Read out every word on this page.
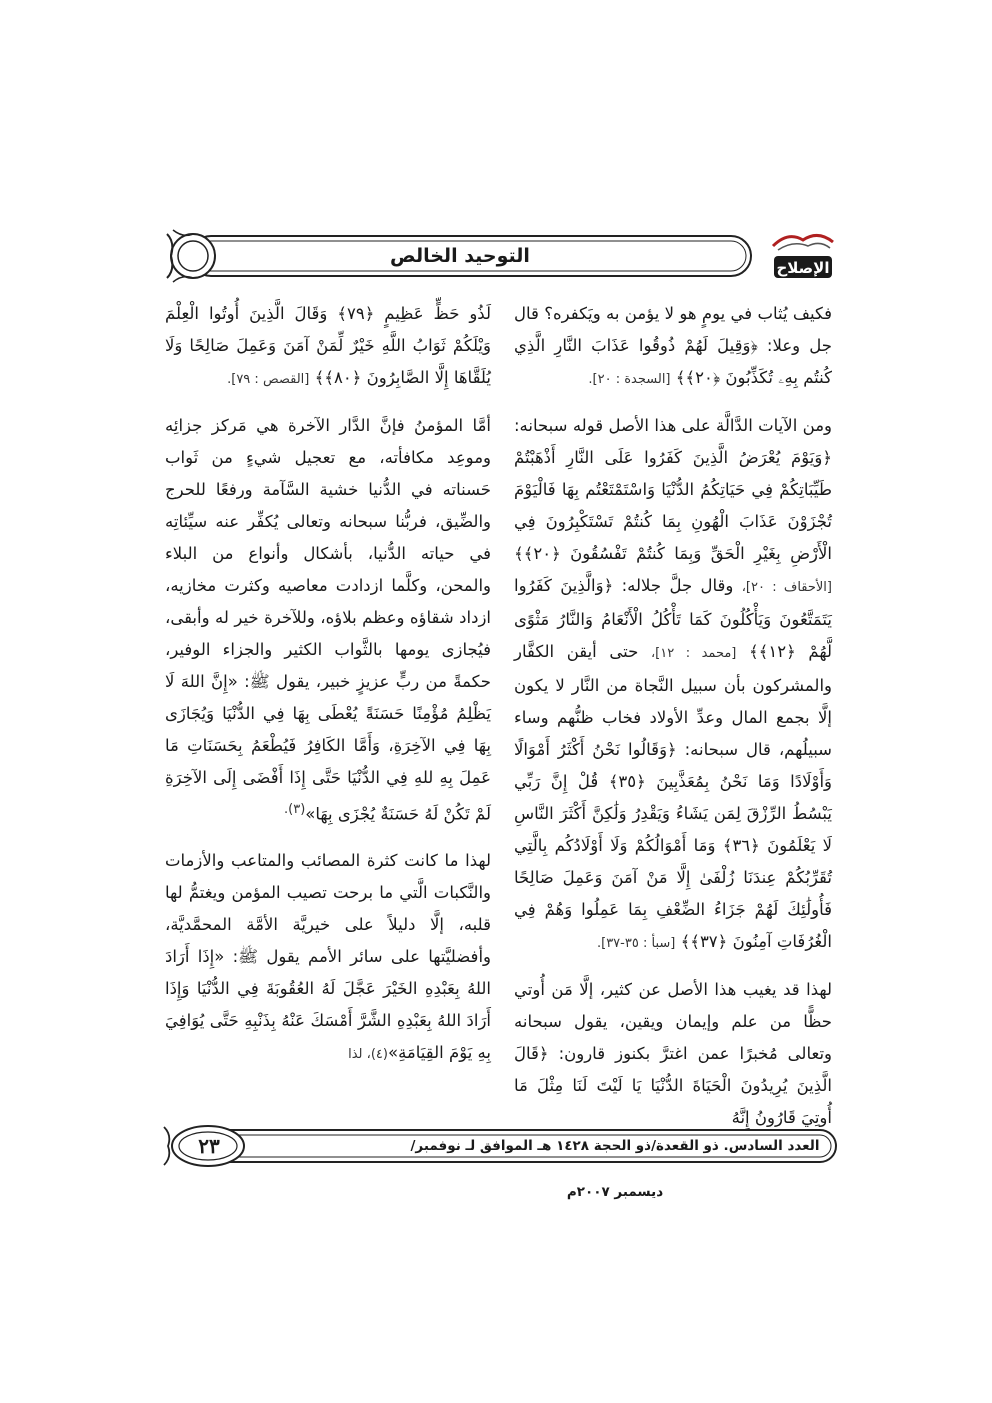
الإصلاح
التوحيد الخالص

فكيف يُثاب في يومٍ هو لا يؤمن به ويَكفره؟ قال جل وعلا: ﴿وَقِيلَ لَهُمْ ذُوقُوا عَذَابَ النَّارِ الَّذِي كُنتُم بِهِۦ تُكَذِّبُونَ ﴿٢٠﴾﴾ [السجدة : ٢٠].

ومن الآيات الدَّالَّة على هذا الأصل قوله سبحانه: ﴿وَيَوْمَ يُعْرَضُ الَّذِينَ كَفَرُوا عَلَى النَّارِ أَذْهَبْتُمْ طَيِّبَاتِكُمْ فِي حَيَاتِكُمُ الدُّنْيَا وَاسْتَمْتَعْتُم بِهَا فَالْيَوْمَ تُجْزَوْنَ عَذَابَ الْهُونِ بِمَا كُنتُمْ تَسْتَكْبِرُونَ فِي الْأَرْضِ بِغَيْرِ الْحَقِّ وَبِمَا كُنتُمْ تَفْسُقُونَ ﴿٢٠﴾﴾ [الأحقاف : ٢٠]، وقال جلَّ جلاله: ﴿وَالَّذِينَ كَفَرُوا يَتَمَتَّعُونَ وَيَأْكُلُونَ كَمَا تَأْكُلُ الْأَنْعَامُ وَالنَّارُ مَثْوًى لَّهُمْ ﴿١٢﴾﴾ [محمد : ١٢]، حتى أيقن الكفَّار والمشركون بأن سبيل النَّجاة من النَّار لا يكون إلَّا بجمع المال وعدِّ الأولاد فخاب ظنُّهم وساء سبيلُهم، قال سبحانه: ﴿وَقَالُوا نَحْنُ أَكْثَرُ أَمْوَالًا وَأَوْلَادًا وَمَا نَحْنُ بِمُعَذَّبِينَ ﴿٣٥﴾ قُلْ إِنَّ رَبِّي يَبْسُطُ الرِّزْقَ لِمَن يَشَاءُ وَيَقْدِرُ وَلَٰكِنَّ أَكْثَرَ النَّاسِ لَا يَعْلَمُونَ ﴿٣٦﴾ وَمَا أَمْوَالُكُمْ وَلَا أَوْلَادُكُم بِالَّتِي تُقَرِّبُكُمْ عِندَنَا زُلْفَىٰ إِلَّا مَنْ آمَنَ وَعَمِلَ صَالِحًا فَأُولَٰئِكَ لَهُمْ جَزَاءُ الضِّعْفِ بِمَا عَمِلُوا وَهُمْ فِي الْغُرُفَاتِ آمِنُونَ ﴿٣٧﴾﴾ [سبأ : ٣٥-٣٧].

لهذا قد يغيب هذا الأصل عن كثير، إلَّا مَن أُوتي حظًّا من علم وإيمان ويقين، يقول سبحانه وتعالى مُخبرًا عمن اغترَّ بكنوز قارون: ﴿قَالَ الَّذِينَ يُرِيدُونَ الْحَيَاةَ الدُّنْيَا يَا لَيْتَ لَنَا مِثْلَ مَا أُوتِيَ قَارُونُ إِنَّهُ

لَذُو حَظٍّ عَظِيمٍ ﴿٧٩﴾ وَقَالَ الَّذِينَ أُوتُوا الْعِلْمَ وَيْلَكُمْ ثَوَابُ اللَّهِ خَيْرٌ لِّمَنْ آمَنَ وَعَمِلَ صَالِحًا وَلَا يُلَقَّاهَا إِلَّا الصَّابِرُونَ ﴿٨٠﴾﴾ [القصص : ٧٩].

أمَّا المؤمنُ فإنَّ الدَّار الآخرة هي مَركز جزائِه وموعِد مكافأته، مع تعجيل شيءٍ من ثَواب حَسناته في الدُّنيا خشية السَّآمة ورفعًا للحرج والضِّيق، فربُّنا سبحانه وتعالى يُكفِّر عنه سيِّئاتِه في حياته الدُّنيا، بأشكال وأنواع من البلاء والمحن، وكلَّما ازدادت معاصيه وكثرت مخازيه، ازداد شقاؤه وعظم بلاؤه، وللآخرة خير له وأبقى، فيُجازى يومها بالثَّواب الكثير والجزاء الوفير، حكمةً من ربٍّ عزيزٍ خبير، يقول ﷺ: «إِنَّ اللهَ لَا يَظْلِمُ مُؤْمِنًا حَسَنَةً يُعْطَى بِهَا فِي الدُّنْيَا وَيُجَازَى بِهَا فِي الآخِرَةِ، وَأَمَّا الكَافِرُ فَيُطْعَمُ بِحَسَنَاتِ مَا عَمِلَ بِهِ للهِ فِي الدُّنْيَا حَتَّى إِذَا أَفْضَى إِلَى الآخِرَةِ لَمْ تَكُنْ لَهُ حَسَنَةٌ يُجْزَى بِهَا»$^{(٣).}$

لهذا ما كانت كثرة المصائب والمتاعب والأزمات والنَّكبات الَّتي ما برحت تصيب المؤمن ويغتمُّ لها قلبه، إلَّا دليلاً على خيريَّة الأمَّة المحمَّديَّة، وأفضليَّتها على سائر الأمم يقول ﷺ: «إِذَا أَرَادَ اللهُ بِعَبْدِهِ الخَيْرَ عَجَّلَ لَهُ العُقُوبَةَ فِي الدُّنْيَا وَإِذَا أَرَادَ اللهُ بِعَبْدِهِ الشَّرَّ أَمْسَكَ عَنْهُ بِذَنْبِهِ حَتَّى يُوَافِيَ بِهِ يَوْمَ القِيَامَةِ»(٤)، لذا

العدد السادس. ذو القعدة/ذو الحجة ١٤٢٨ هـ الموافق لـ نوفمبر/ديسمبر ٢٠٠٧م
٢٣
